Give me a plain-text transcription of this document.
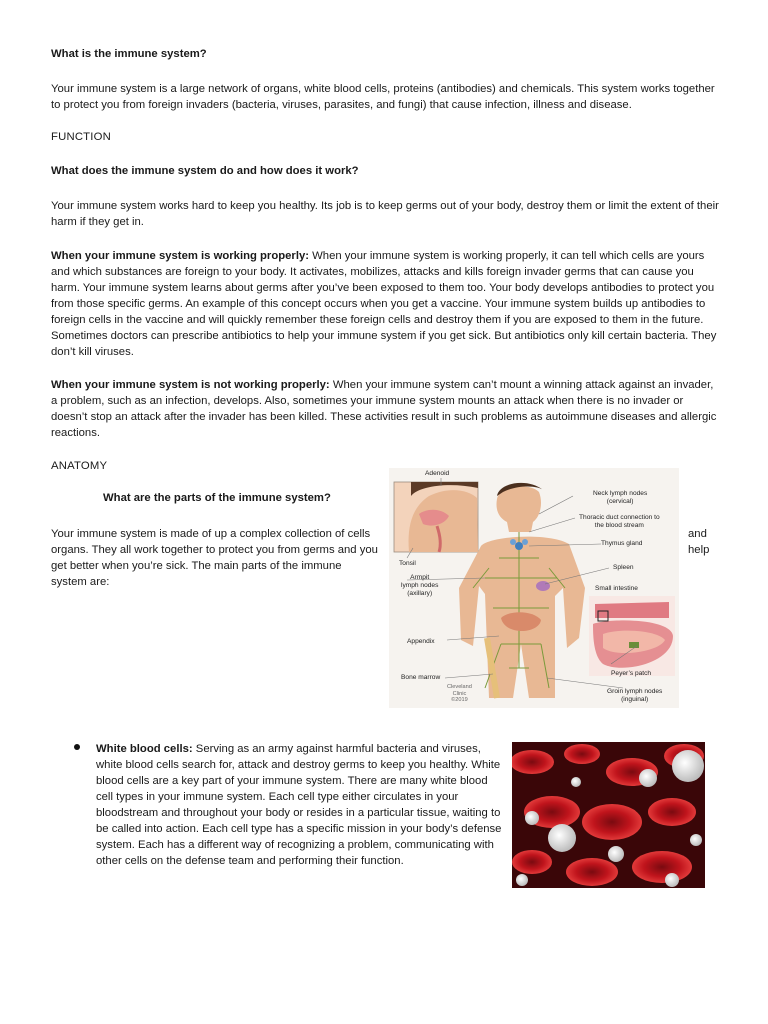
What is the immune system?

Your immune system is a large network of organs, white blood cells, proteins (antibodies) and chemicals. This system works together to protect you from foreign invaders (bacteria, viruses, parasites, and fungi) that cause infection, illness and disease.

FUNCTION

What does the immune system do and how does it work?

Your immune system works hard to keep you healthy. Its job is to keep germs out of your body, destroy them or limit the extent of their harm if they get in.

When your immune system is working properly: When your immune system is working properly, it can tell which cells are yours and which substances are foreign to your body. It activates, mobilizes, attacks and kills foreign invader germs that can cause you harm. Your immune system learns about germs after you’ve been exposed to them too. Your body develops antibodies to protect you from those specific germs. An example of this concept occurs when you get a vaccine. Your immune system builds up antibodies to foreign cells in the vaccine and will quickly remember these foreign cells and destroy them if you are exposed to them in the future. Sometimes doctors can prescribe antibiotics to help your immune system if you get sick. But antibiotics only kill certain bacteria. They don’t kill viruses.

When your immune system is not working properly: When your immune system can’t mount a winning attack against an invader, a problem, such as an infection, develops. Also, sometimes your immune system mounts an attack when there is no invader or doesn’t stop an attack after the invader has been killed. These activities result in such problems as autoimmune diseases and allergic reactions.

ANATOMY

What are the parts of the immune system?

Your immune system is made of up a complex collection of cells organs. They all work together to protect you from germs and you get better when you’re sick. The main parts of the immune system are:

and
help
Adenoid
Neck lymph nodes
(cervical)
Thoracic duct connection to
the blood stream
Thymus gland
Tonsil
Spleen
Armpit
lymph nodes
(axillary)
Small intestine
Appendix
Peyer’s patch
Bone marrow
Groin lymph nodes
(inguinal)
Cleveland
Clinic
©2019

White blood cells: Serving as an army against harmful bacteria and viruses, white blood cells search for, attack and destroy germs to keep you healthy. White blood cells are a key part of your immune system. There are many white blood cell types in your immune system. Each cell type either circulates in your bloodstream and throughout your body or resides in a particular tissue, waiting to be called into action. Each cell type has a specific mission in your body’s defense system. Each has a different way of recognizing a problem, communicating with other cells on the defense team and performing their function.
